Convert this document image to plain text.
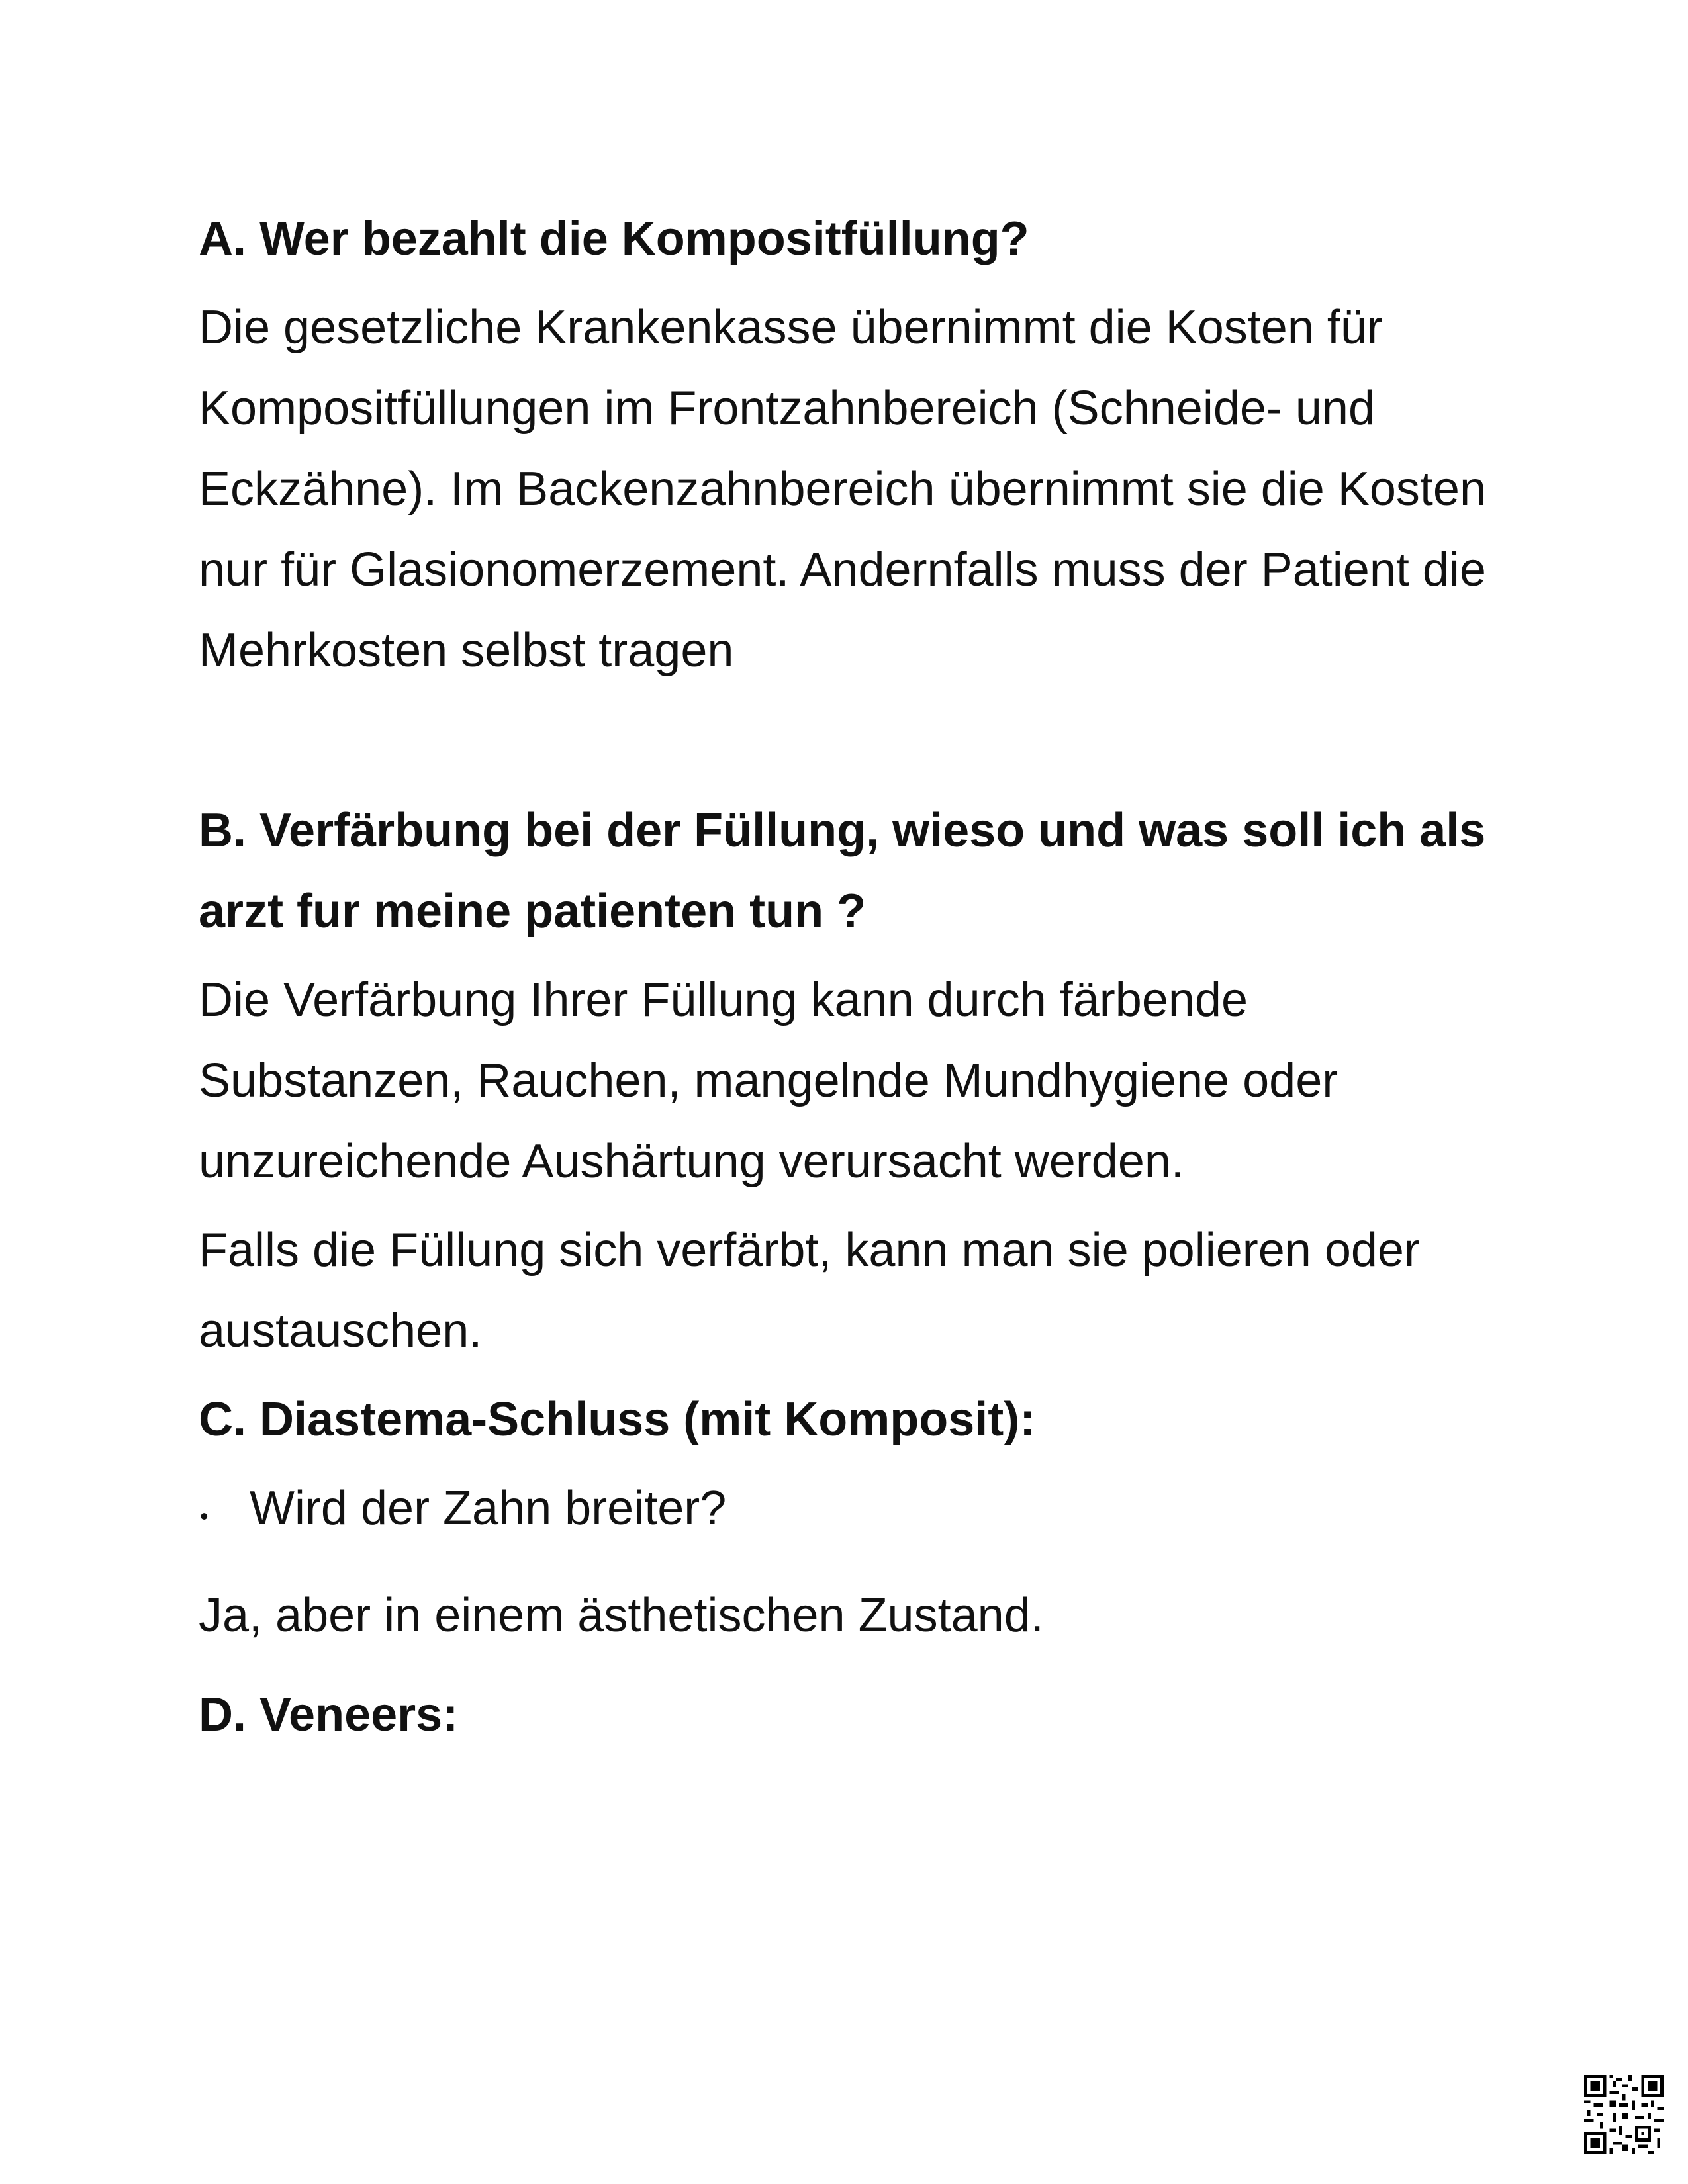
A. Wer bezahlt die Kompositfüllung?

Die gesetzliche Krankenkasse übernimmt die Kosten für Kompositfüllungen im Frontzahnbereich (Schneide- und Eckzähne). Im Backenzahnbereich übernimmt sie die Kosten nur für Glasionomerzement. Andernfalls muss der Patient die Mehrkosten selbst tragen

B. Verfärbung bei der Füllung, wieso und was soll ich als arzt fur meine patienten tun ?

Die Verfärbung Ihrer Füllung kann durch färbende Substanzen, Rauchen, mangelnde Mundhygiene oder unzureichende Aushärtung verursacht werden.

Falls die Füllung sich verfärbt, kann man sie polieren oder austauschen.

C. Diastema-Schluss (mit Komposit):

• Wird der Zahn breiter?

Ja, aber in einem ästhetischen Zustand.

D. Veneers:
